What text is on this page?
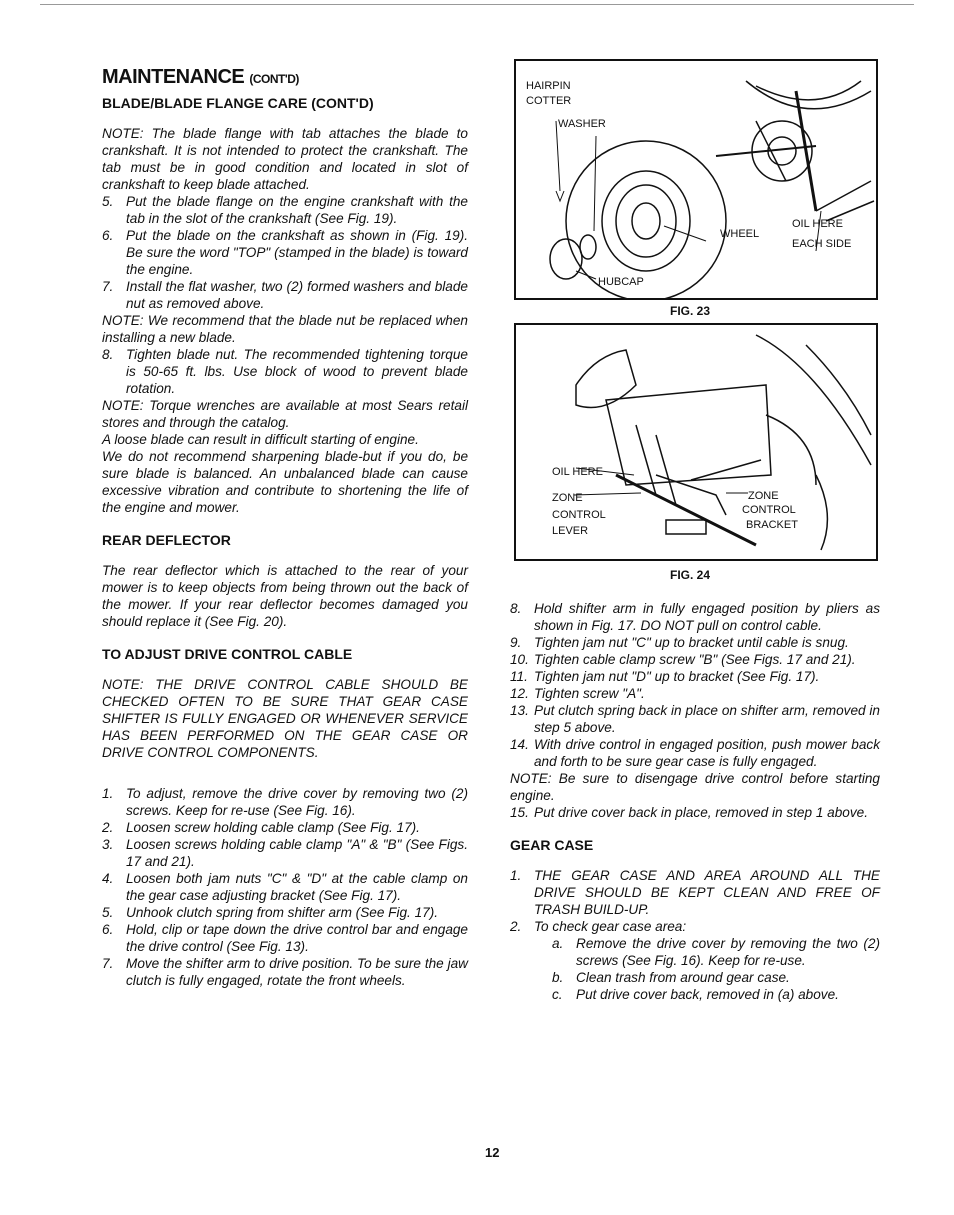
MAINTENANCE (CONT'D)
BLADE/BLADE FLANGE CARE (CONT'D)

NOTE: The blade flange with tab attaches the blade to crankshaft. It is not intended to protect the crankshaft. The tab must be in good condition and located in slot of crankshaft to keep blade attached.

5. Put the blade flange on the engine crankshaft with the tab in the slot of the crankshaft (See Fig. 19).
6. Put the blade on the crankshaft as shown in (Fig. 19). Be sure the word "TOP" (stamped in the blade) is toward the engine.
7. Install the flat washer, two (2) formed washers and blade nut as removed above.

NOTE: We recommend that the blade nut be replaced when installing a new blade.

8. Tighten blade nut. The recommended tightening torque is 50-65 ft. lbs. Use block of wood to prevent blade rotation.

NOTE: Torque wrenches are available at most Sears retail stores and through the catalog.

A loose blade can result in difficult starting of engine.

We do not recommend sharpening blade-but if you do, be sure blade is balanced. An unbalanced blade can cause excessive vibration and contribute to shortening the life of the engine and mower.

REAR DEFLECTOR

The rear deflector which is attached to the rear of your mower is to keep objects from being thrown out the back of the mower. If your rear deflector becomes damaged you should replace it (See Fig. 20).

TO ADJUST DRIVE CONTROL CABLE

NOTE: THE DRIVE CONTROL CABLE SHOULD BE CHECKED OFTEN TO BE SURE THAT GEAR CASE SHIFTER IS FULLY ENGAGED OR WHENEVER SERVICE HAS BEEN PERFORMED ON THE GEAR CASE OR DRIVE CONTROL COMPONENTS.

1. To adjust, remove the drive cover by removing two (2) screws. Keep for re-use (See Fig. 16).
2. Loosen screw holding cable clamp (See Fig. 17).
3. Loosen screws holding cable clamp "A" & "B" (See Figs. 17 and 21).
4. Loosen both jam nuts "C" & "D" at the cable clamp on the gear case adjusting bracket (See Fig. 17).
5. Unhook clutch spring from shifter arm (See Fig. 17).
6. Hold, clip or tape down the drive control bar and engage the drive control (See Fig. 13).
7. Move the shifter arm to drive position. To be sure the jaw clutch is fully engaged, rotate the front wheels.
HAIRPIN
COTTER
WASHER
WHEEL
OIL HERE
EACH SIDE
HUBCAP
FIG. 23
OIL HERE
ZONE
CONTROL
LEVER
ZONE
CONTROL
BRACKET
FIG. 24
8. Hold shifter arm in fully engaged position by pliers as shown in Fig. 17. DO NOT pull on control cable.
9. Tighten jam nut "C" up to bracket until cable is snug.
10. Tighten cable clamp screw "B" (See Figs. 17 and 21).
11. Tighten jam nut "D" up to bracket (See Fig. 17).
12. Tighten screw "A".
13. Put clutch spring back in place on shifter arm, removed in step 5 above.
14. With drive control in engaged position, push mower back and forth to be sure gear case is fully engaged.

NOTE: Be sure to disengage drive control before starting engine.

15. Put drive cover back in place, removed in step 1 above.
GEAR CASE
1. THE GEAR CASE AND AREA AROUND ALL THE DRIVE SHOULD BE KEPT CLEAN AND FREE OF TRASH BUILD-UP.
2. To check gear case area:
a. Remove the drive cover by removing the two (2) screws (See Fig. 16). Keep for re-use.
b. Clean trash from around gear case.
c. Put drive cover back, removed in (a) above.
12
